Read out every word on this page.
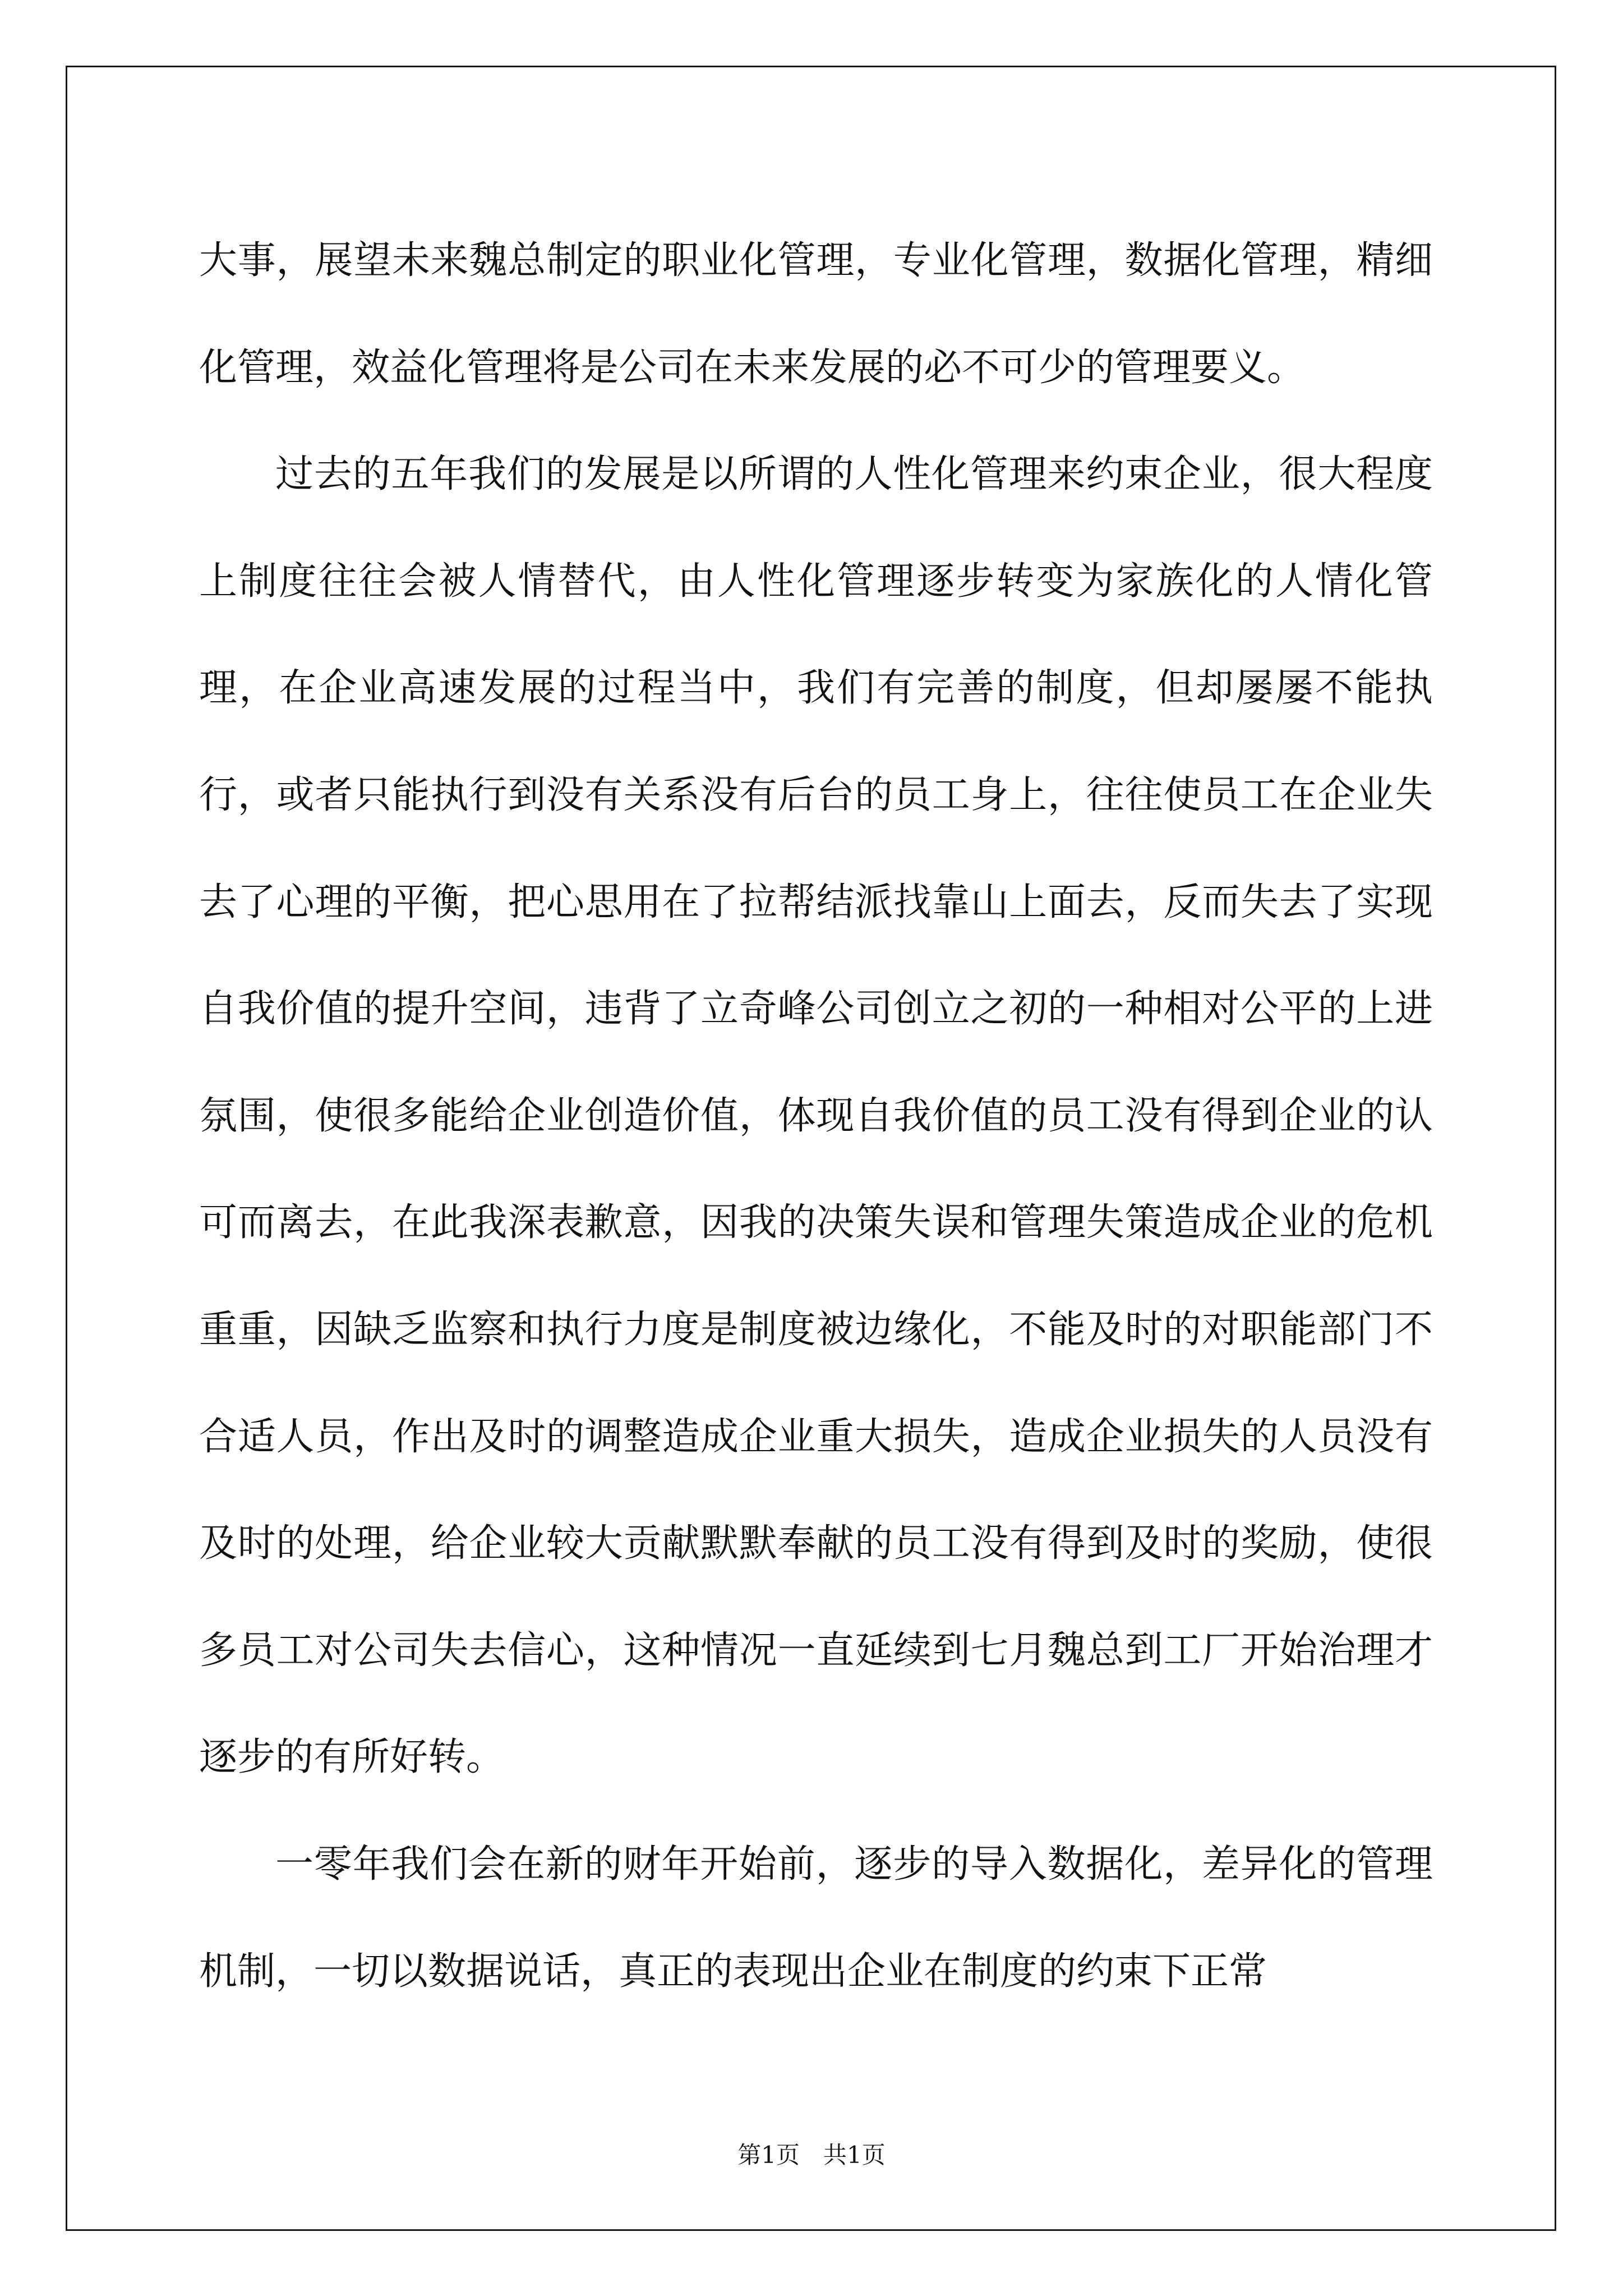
大事，展望未来魏总制定的职业化管理，专业化管理，数据化管理，精细化管理，效益化管理将是公司在未来发展的必不可少的管理要义。

过去的五年我们的发展是以所谓的人性化管理来约束企业，很大程度上制度往往会被人情替代，由人性化管理逐步转变为家族化的人情化管理，在企业高速发展的过程当中，我们有完善的制度，但却屡屡不能执行，或者只能执行到没有关系没有后台的员工身上，往往使员工在企业失去了心理的平衡，把心思用在了拉帮结派找靠山上面去，反而失去了实现自我价值的提升空间，违背了立奇峰公司创立之初的一种相对公平的上进氛围，使很多能给企业创造价值，体现自我价值的员工没有得到企业的认可而离去，在此我深表歉意，因我的决策失误和管理失策造成企业的危机重重，因缺乏监察和执行力度是制度被边缘化，不能及时的对职能部门不合适人员，作出及时的调整造成企业重大损失，造成企业损失的人员没有及时的处理，给企业较大贡献默默奉献的员工没有得到及时的奖励，使很多员工对公司失去信心，这种情况一直延续到七月魏总到工厂开始治理才逐步的有所好转。

一零年我们会在新的财年开始前，逐步的导入数据化，差异化的管理机制，一切以数据说话，真正的表现出企业在制度的约束下正常

第1页　共1页
